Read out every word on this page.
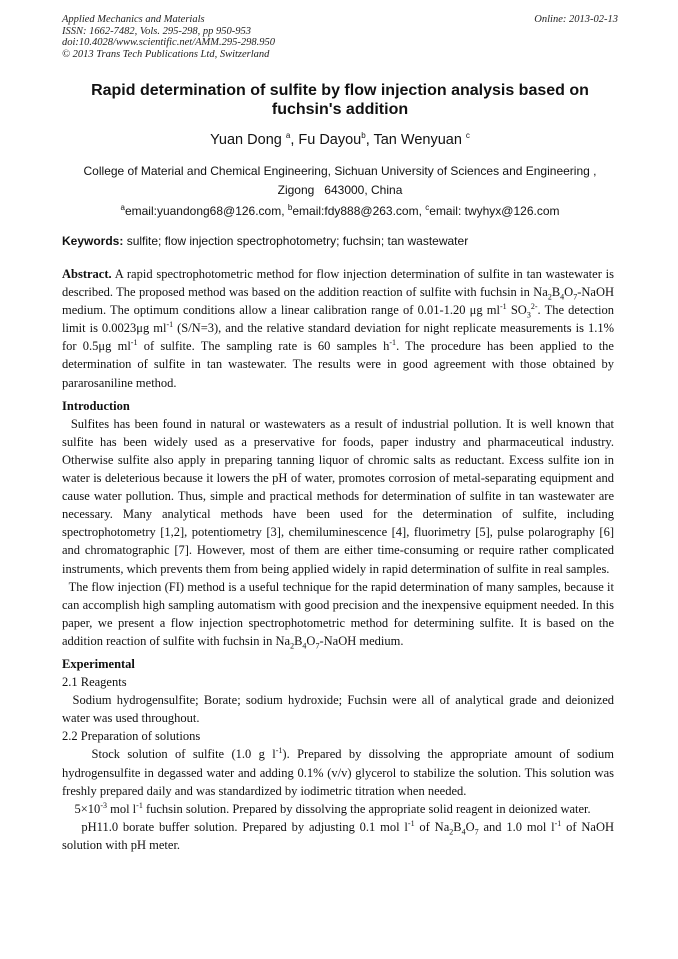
Applied Mechanics and Materials
ISSN: 1662-7482, Vols. 295-298, pp 950-953
doi:10.4028/www.scientific.net/AMM.295-298.950
© 2013 Trans Tech Publications Ltd, Switzerland
Online: 2013-02-13
Rapid determination of sulfite by flow injection analysis based on
fuchsin's addition
Yuan Dong $^a$, Fu Dayou$^b$, Tan Wenyuan $^c$
College of Material and Chemical Engineering, Sichuan University of Sciences and Engineering ,
Zigong   643000, China
$^a$email:yuandong68@126.com, $^b$email:fdy888@263.com, $^c$email: twyhyx@126.com
Keywords: sulfite; flow injection spectrophotometry; fuchsin; tan wastewater

Abstract. A rapid spectrophotometric method for flow injection determination of sulfite in tan wastewater is described. The proposed method was based on the addition reaction of sulfite with fuchsin in $Na_2B_4O_7$-NaOH medium. The optimum conditions allow a linear calibration range of 0.01-1.20 μg $ml^{-1}$ $SO_3^{2-}$. The detection limit is 0.0023μg $ml^{-1}$ (S/N=3), and the relative standard deviation for night replicate measurements is 1.1% for 0.5μg $ml^{-1}$ of sulfite. The sampling rate is 60 samples $h^{-1}$. The procedure has been applied to the determination of sulfite in tan wastewater. The results were in good agreement with those obtained by pararosaniline method.

Introduction

Sulfites has been found in natural or wastewaters as a result of industrial pollution. It is well known that sulfite has been widely used as a preservative for foods, paper industry and pharmaceutical industry. Otherwise sulfite also apply in preparing tanning liquor of chromic salts as reductant. Excess sulfite ion in water is deleterious because it lowers the pH of water, promotes corrosion of metal-separating equipment and cause water pollution. Thus, simple and practical methods for determination of sulfite in tan wastewater are necessary. Many analytical methods have been used for the determination of sulfite, including spectrophotometry [1,2], potentiometry [3], chemiluminescence [4], fluorimetry [5], pulse polarography [6] and chromatographic [7]. However, most of them are either time-consuming or require rather complicated instruments, which prevents them from being applied widely in rapid determination of sulfite in real samples.

The flow injection (FI) method is a useful technique for the rapid determination of many samples, because it can accomplish high sampling automatism with good precision and the inexpensive equipment needed. In this paper, we present a flow injection spectrophotometric method for determining sulfite. It is based on the addition reaction of sulfite with fuchsin in $Na_2B_4O_7$-NaOH medium.

Experimental

2.1 Reagents

Sodium hydrogensulfite; Borate; sodium hydroxide; Fuchsin were all of analytical grade and deionized water was used throughout.

2.2 Preparation of solutions

Stock solution of sulfite (1.0 g $l^{-1}$). Prepared by dissolving the appropriate amount of sodium hydrogensulfite in degassed water and adding 0.1% (v/v) glycerol to stabilize the solution. This solution was freshly prepared daily and was standardized by iodimetric titration when needed.

$5\times 10^{-3}$ mol $l^{-1}$ fuchsin solution. Prepared by dissolving the appropriate solid reagent in deionized water.

pH11.0 borate buffer solution. Prepared by adjusting 0.1 mol $l^{-1}$ of $Na_2B_4O_7$ and 1.0 mol $l^{-1}$ of NaOH solution with pH meter.
